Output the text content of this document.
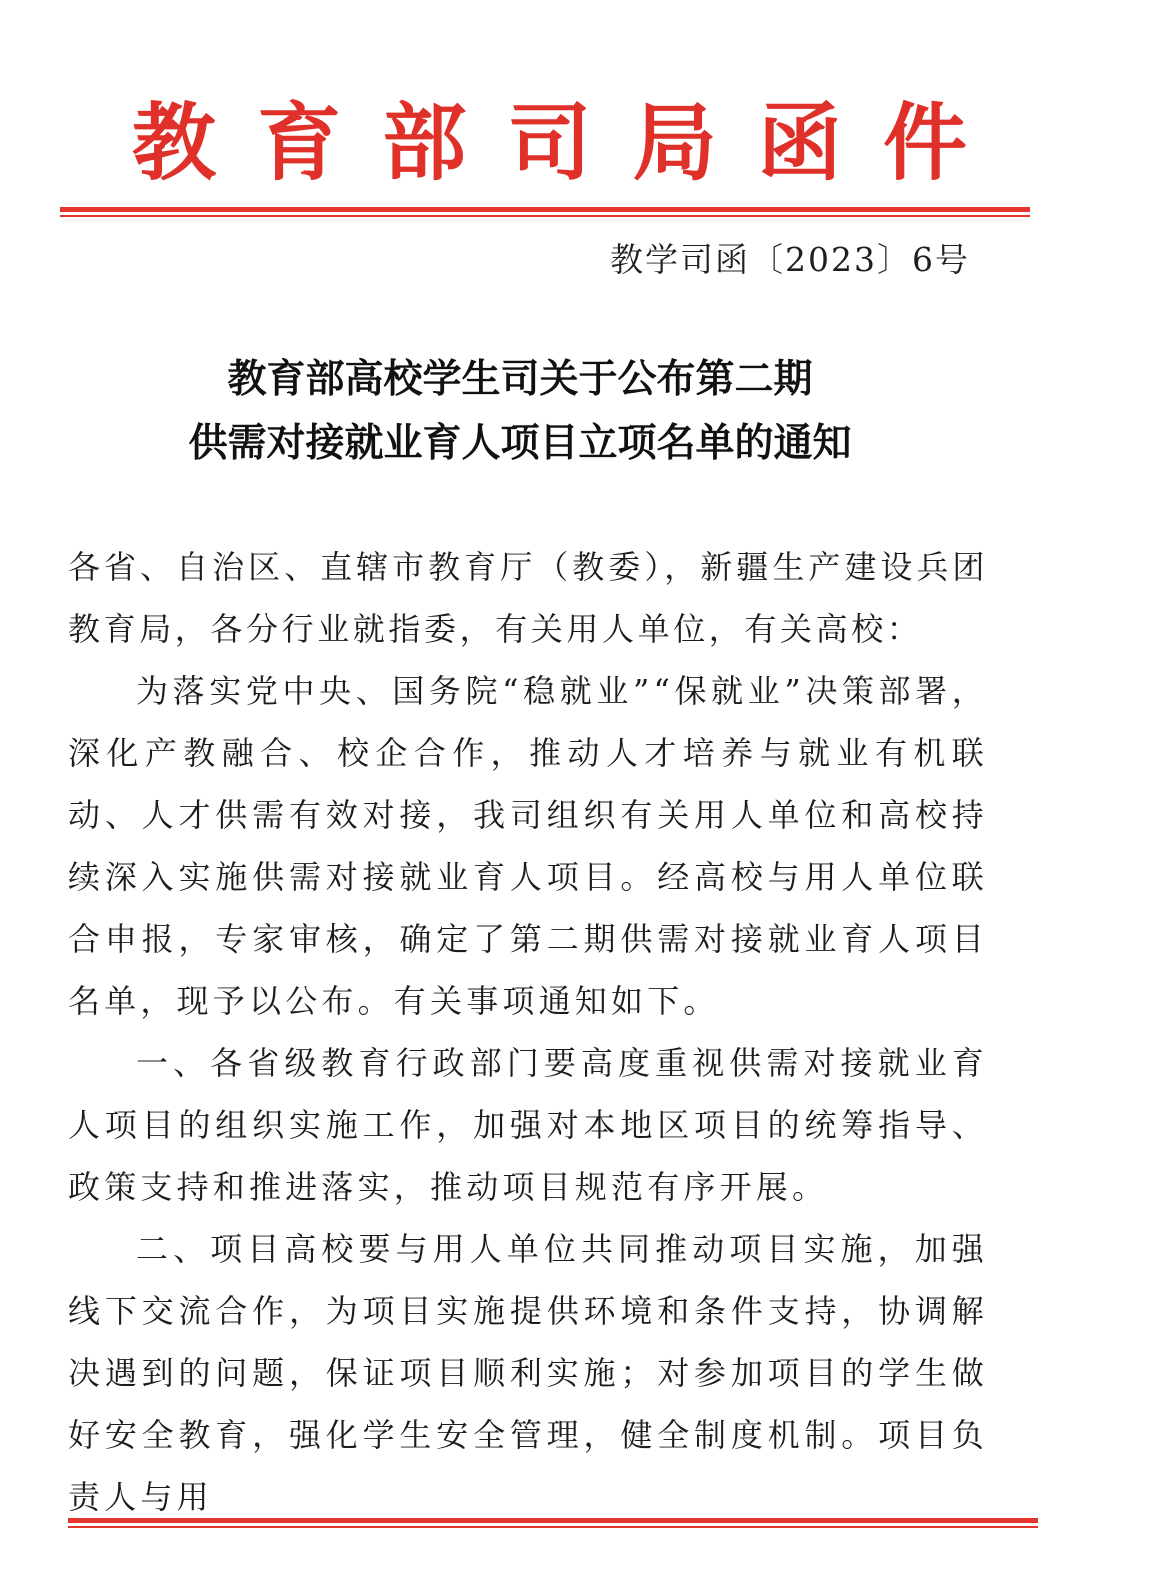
教 育 部 司 局 函 件
教学司函〔2023〕6号
教育部高校学生司关于公布第二期
供需对接就业育人项目立项名单的通知

各省、自治区、直辖市教育厅（教委），新疆生产建设兵团教育局，各分行业就指委，有关用人单位，有关高校：

为落实党中央、国务院“稳就业”“保就业”决策部署，深化产教融合、校企合作，推动人才培养与就业有机联动、人才供需有效对接，我司组织有关用人单位和高校持续深入实施供需对接就业育人项目。经高校与用人单位联合申报，专家审核，确定了第二期供需对接就业育人项目名单，现予以公布。有关事项通知如下。

一、各省级教育行政部门要高度重视供需对接就业育人项目的组织实施工作，加强对本地区项目的统筹指导、政策支持和推进落实，推动项目规范有序开展。

二、项目高校要与用人单位共同推动项目实施，加强线下交流合作，为项目实施提供环境和条件支持，协调解决遇到的问题，保证项目顺利实施；对参加项目的学生做好安全教育，强化学生安全管理，健全制度机制。项目负责人与用
